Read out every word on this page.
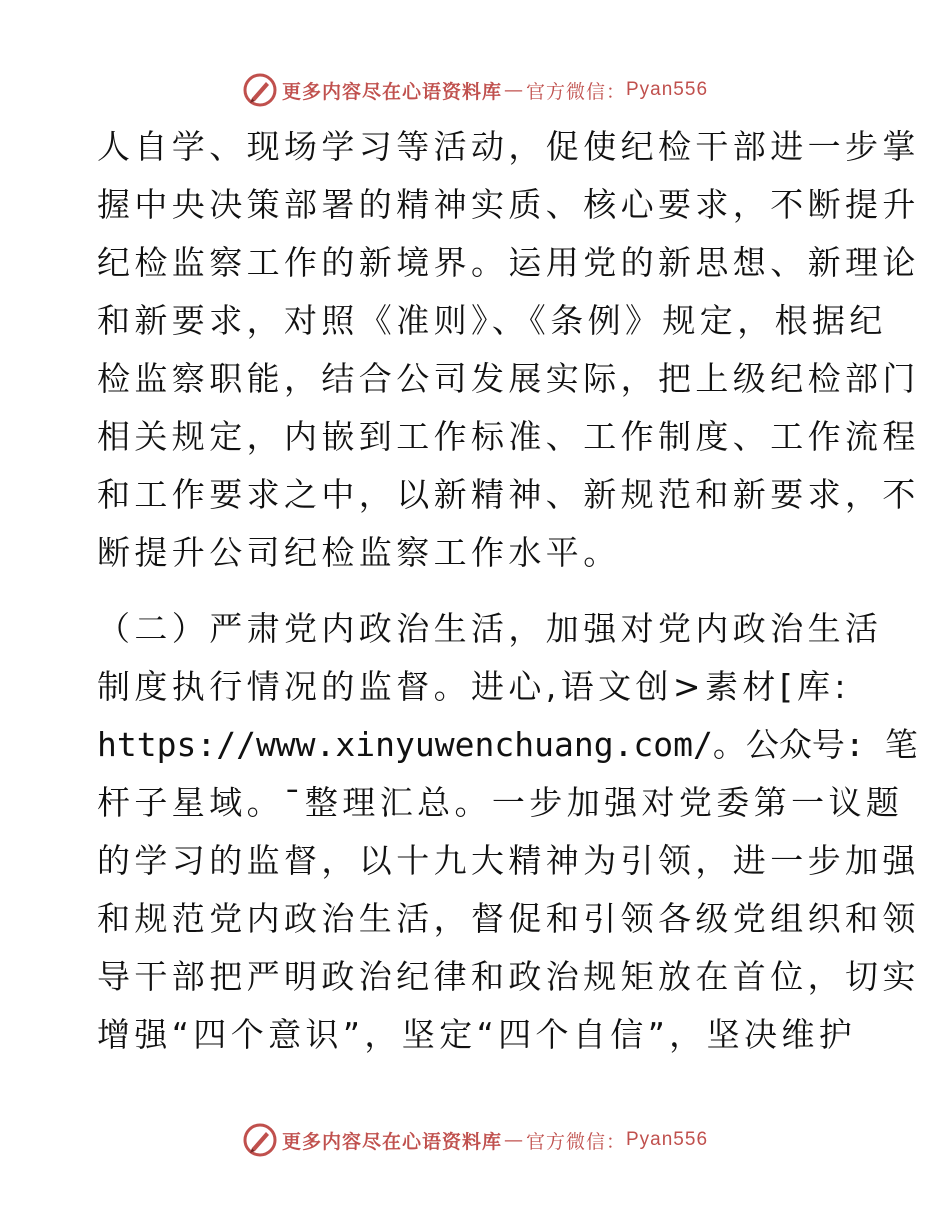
更多内容尽在心语资料库 — 官方微信： Pyan556
人自学、现场学习等活动，促使纪检干部进一步掌
握中央决策部署的精神实质、核心要求，不断提升
纪检监察工作的新境界。运用党的新思想、新理论
和新要求，对照《准则》、《条例》规定，根据纪
检监察职能，结合公司发展实际，把上级纪检部门
相关规定，内嵌到工作标准、工作制度、工作流程
和工作要求之中，以新精神、新规范和新要求，不
断提升公司纪检监察工作水平。
（二）严肃党内政治生活，加强对党内政治生活
制度执行情况的监督。进心,语文创>素材[库:
https://www.xinyuwenchuang.com/。公众号: 笔
杆子星域。¯整理汇总。一步加强对党委第一议题
的学习的监督，以十九大精神为引领，进一步加强
和规范党内政治生活，督促和引领各级党组织和领
导干部把严明政治纪律和政治规矩放在首位，切实
增强“四个意识”，坚定“四个自信”，坚决维护
更多内容尽在心语资料库 — 官方微信： Pyan556
